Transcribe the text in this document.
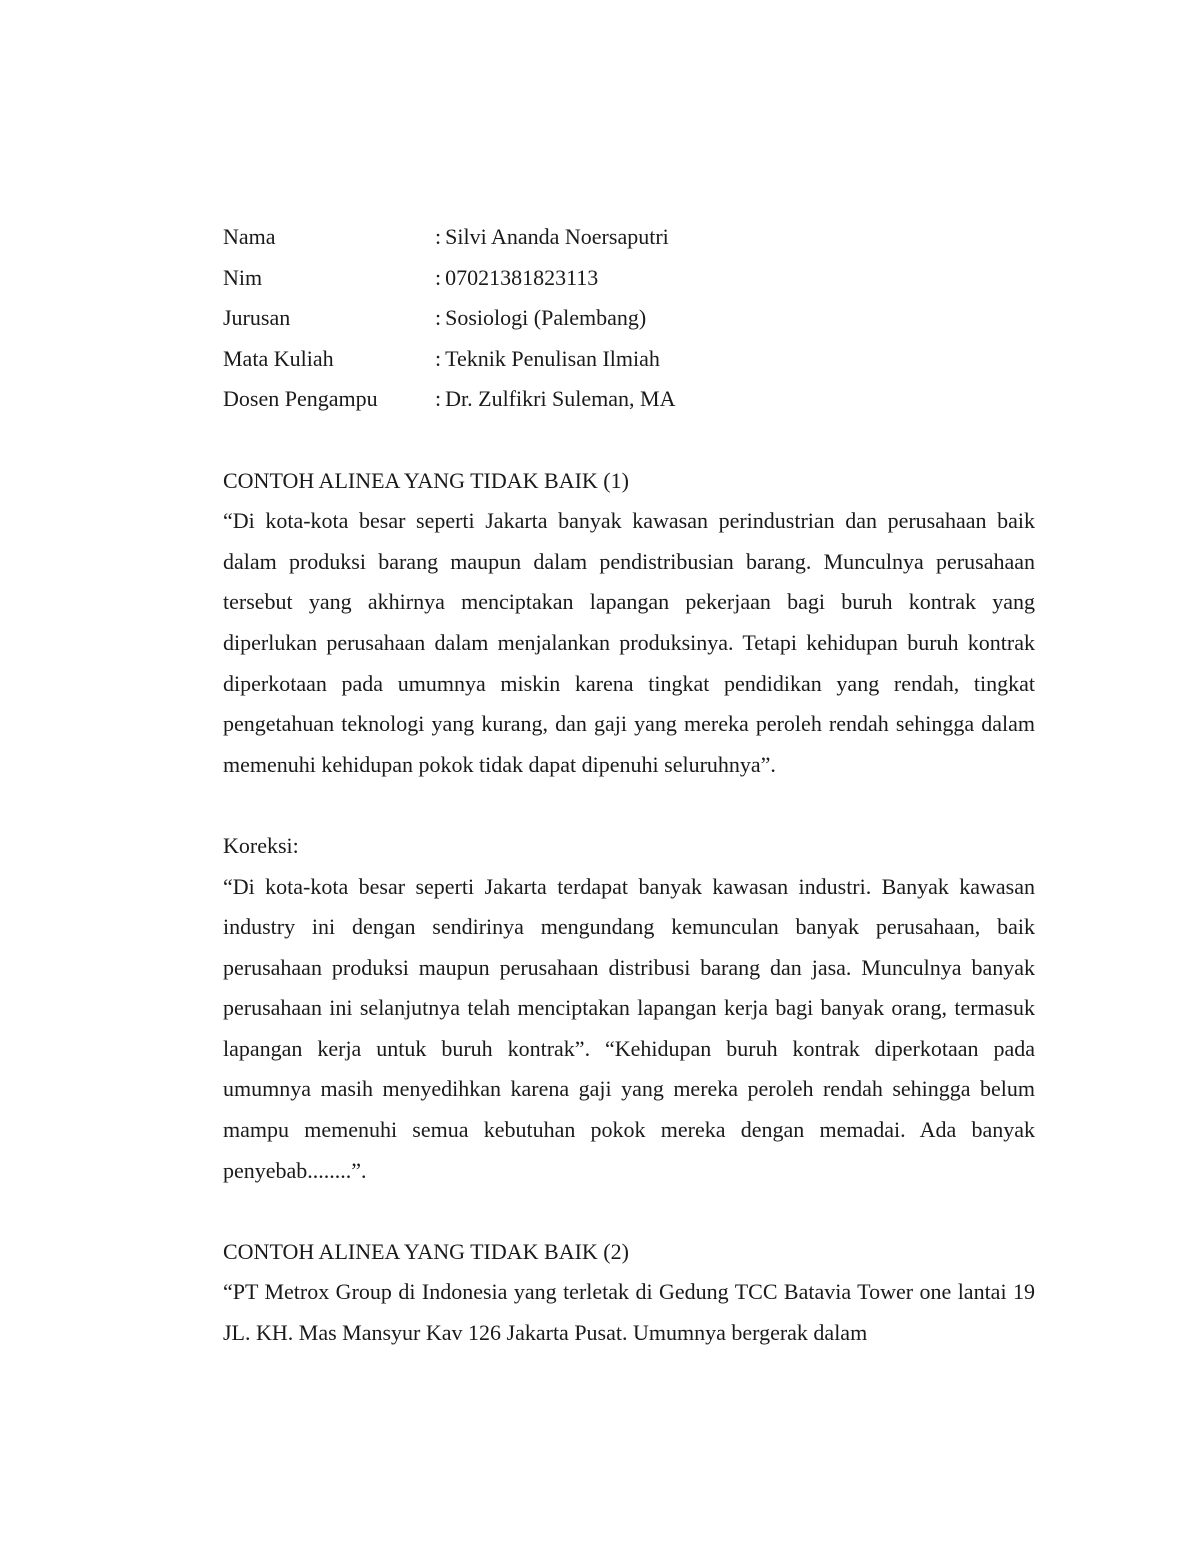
Nama	: Silvi Ananda Noersaputri
Nim	: 07021381823113
Jurusan	: Sosiologi (Palembang)
Mata Kuliah	: Teknik Penulisan Ilmiah
Dosen Pengampu	: Dr. Zulfikri Suleman, MA
CONTOH ALINEA YANG TIDAK BAIK (1)

“Di kota-kota besar seperti Jakarta banyak kawasan perindustrian dan perusahaan baik dalam produksi barang maupun dalam pendistribusian barang. Munculnya perusahaan tersebut yang akhirnya menciptakan lapangan pekerjaan bagi buruh kontrak yang diperlukan perusahaan dalam menjalankan produksinya. Tetapi kehidupan buruh kontrak diperkotaan pada umumnya miskin karena tingkat pendidikan yang rendah, tingkat pengetahuan teknologi yang kurang, dan gaji yang mereka peroleh rendah sehingga dalam memenuhi kehidupan pokok tidak dapat dipenuhi seluruhnya”.

Koreksi:

“Di kota-kota besar seperti Jakarta terdapat banyak kawasan industri. Banyak kawasan industry ini dengan sendirinya mengundang kemunculan banyak perusahaan, baik perusahaan produksi maupun perusahaan distribusi barang dan jasa. Munculnya banyak perusahaan ini selanjutnya telah menciptakan lapangan kerja bagi banyak orang, termasuk lapangan kerja untuk buruh kontrak”. “Kehidupan buruh kontrak diperkotaan pada umumnya masih menyedihkan karena gaji yang mereka peroleh rendah sehingga belum mampu memenuhi semua kebutuhan pokok mereka dengan memadai. Ada banyak penyebab........”.

CONTOH ALINEA YANG TIDAK BAIK (2)

“PT Metrox Group di Indonesia yang terletak di Gedung TCC Batavia Tower one lantai 19 JL. KH. Mas Mansyur Kav 126 Jakarta Pusat. Umumnya bergerak dalam
